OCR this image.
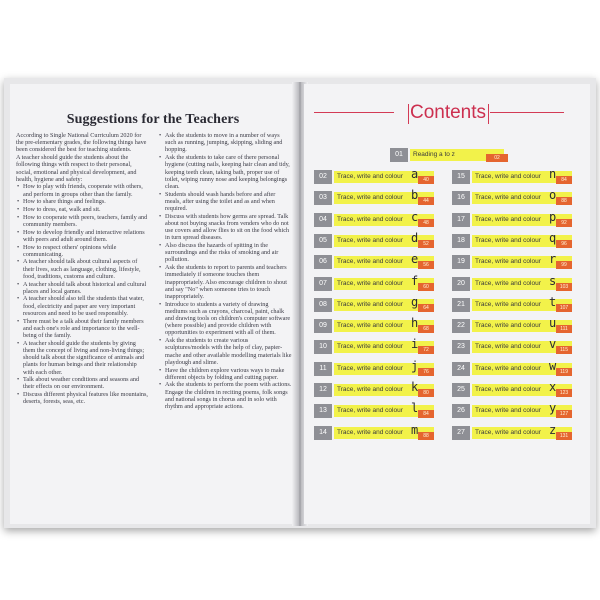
Suggestions for the Teachers

According to Single National Curriculum 2020 for the pre-elementary grades, the following things have been considered the best for teaching students.

A teacher should guide the students about the following things with respect to their personal, social, emotional and physical development, and health, hygiene and safety:

• How to play with friends, cooperate with others, and perform in groups other than the family.

• How to share things and feelings.

• How to dress, eat, walk and sit.

• How to cooperate with peers, teachers, family and community members.

• How to develop friendly and interactive relations with peers and adult around them.

• How to respect others' opinions while communicating.

• A teacher should talk about cultural aspects of their lives, such as language, clothing, lifestyle, food, traditions, customs and culture.

• A teacher should talk about historical and cultural places and local games.

• A teacher should also tell the students that water, food, electricity and paper are very important resources and need to be used responsibly.

• There must be a talk about their family members and each one's role and importance to the well-being of the family.

• A teacher should guide the students by giving them the concept of living and non-living things; should talk about the significance of animals and plants for human beings and their relationship with each other.

• Talk about weather conditions and seasons and their effects on our environment.

• Discuss different physical features like mountains, deserts, forests, seas, etc.

• Ask the students to move in a number of ways such as running, jumping, skipping, sliding and hopping.

• Ask the students to take care of there personal hygiene (cutting nails, keeping hair clean and tidy, keeping teeth clean, taking bath, proper use of toilet, wiping runny nose and keeping belongings clean.

• Students should wash hands before and after meals, after using the toilet and as and when required.

• Discuss with students how germs are spread. Talk about not buying snacks from venders who do not use covers and allow flies to sit on the food which in turn spread diseases.

• Also discuss the hazards of spitting in the surroundings and the risks of smoking and air pollution.

• Ask the students to report to parents and teachers immediately if someone touches them inappropriately. Also encourage children to shout and say "No" when someone tries to touch inappropriately.

• Introduce to students a variety of drawing mediums such as crayons, charcoal, paint, chalk and drawing tools on children's computer software (where possible) and provide children with opportunities to experiment with all of them.

• Ask the students to create various sculptures/models with the help of clay, papier-mache and other available modelling materials like playdough and slime.

• Have the children explore various ways to make different objects by folding and cutting paper.

• Ask the students to perform the poem with actions. Engage the children in reciting poems, folk songs and national songs in chorus and in solo with rhythm and appropriate actions.

Contents
01	Reading a to z	02
02	Trace, write and colour a 40
03	Trace, write and colour b 44
04	Trace, write and colour c 48
05	Trace, write and colour d 52
06	Trace, write and colour e 56
07	Trace, write and colour f 60
08	Trace, write and colour g 64
09	Trace, write and colour h 68
10	Trace, write and colour i 72
11	Trace, write and colour j 76
12	Trace, write and colour k 80
13	Trace, write and colour l 84
14	Trace, write and colour m 88
15	Trace, write and colour n 84
16	Trace, write and colour o 88
17	Trace, write and colour p 92
18	Trace, write and colour q 96
19	Trace, write and colour r 99
20	Trace, write and colour s 103
21	Trace, write and colour t 107
22	Trace, write and colour u 111
23	Trace, write and colour v 115
24	Trace, write and colour w 119
25	Trace, write and colour x 123
26	Trace, write and colour y 127
27	Trace, write and colour z 131
